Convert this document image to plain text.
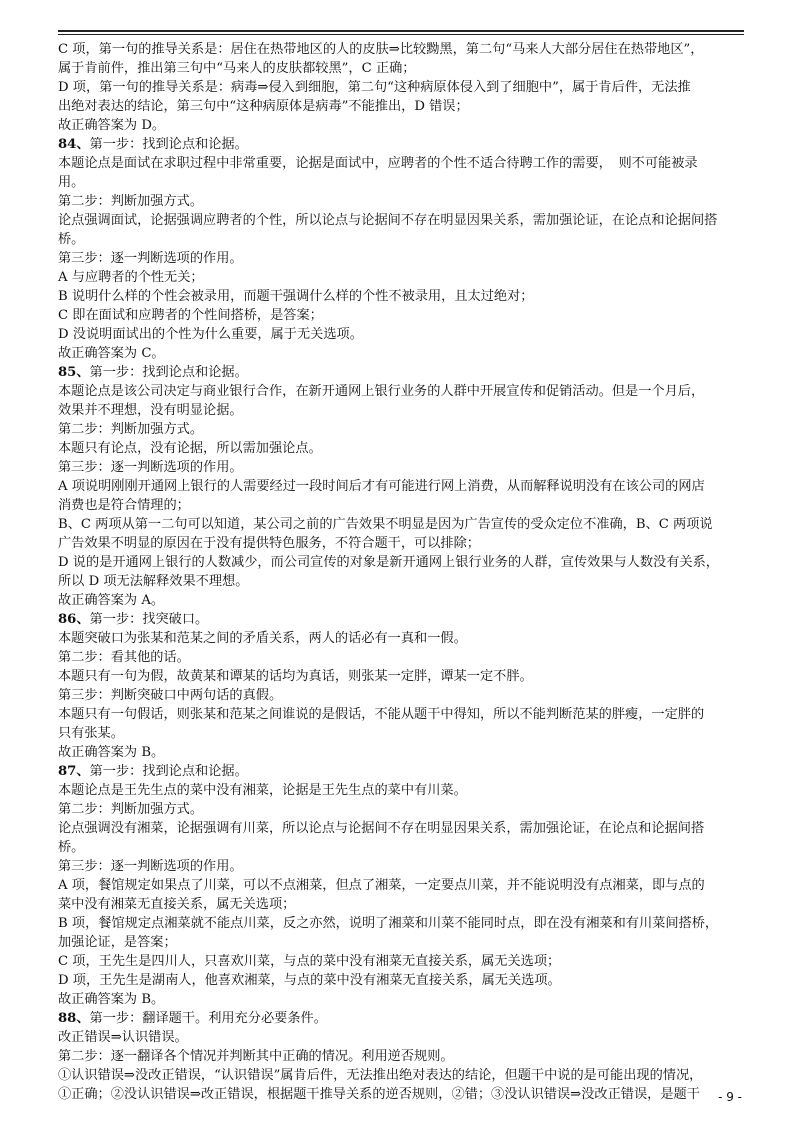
C 项，第一句的推导关系是：居住在热带地区的人的皮肤⇒比较黝黑，第二句“马来人大部分居住在热带地区”，
属于肯前件，推出第三句中“马来人的皮肤都较黑”，C 正确；
D 项，第一句的推导关系是：病毒⇒侵入到细胞，第二句“这种病原体侵入到了细胞中”，属于肯后件，无法推
出绝对表达的结论，第三句中“这种病原体是病毒”不能推出，D 错误；
故正确答案为 D。
84、第一步：找到论点和论据。
本题论点是面试在求职过程中非常重要，论据是面试中，应聘者的个性不适合待聘工作的需要，　则不可能被录
用。
第二步：判断加强方式。
论点强调面试，论据强调应聘者的个性，所以论点与论据间不存在明显因果关系，需加强论证，在论点和论据间搭
桥。
第三步：逐一判断选项的作用。
A 与应聘者的个性无关；
B 说明什么样的个性会被录用，而题干强调什么样的个性不被录用，且太过绝对；
C 即在面试和应聘者的个性间搭桥，是答案；
D 没说明面试出的个性为什么重要，属于无关选项。
故正确答案为 C。
85、第一步：找到论点和论据。
本题论点是该公司决定与商业银行合作，在新开通网上银行业务的人群中开展宣传和促销活动。但是一个月后，
效果并不理想，没有明显论据。
第二步：判断加强方式。
本题只有论点，没有论据，所以需加强论点。
第三步：逐一判断选项的作用。
A 项说明刚刚开通网上银行的人需要经过一段时间后才有可能进行网上消费，从而解释说明没有在该公司的网店
消费也是符合情理的；
B、C 两项从第一二句可以知道，某公司之前的广告效果不明显是因为广告宣传的受众定位不准确，B、C 两项说
广告效果不明显的原因在于没有提供特色服务，不符合题干，可以排除；
D 说的是开通网上银行的人数减少，而公司宣传的对象是新开通网上银行业务的人群，宣传效果与人数没有关系，
所以 D 项无法解释效果不理想。
故正确答案为 A。
86、第一步：找突破口。
本题突破口为张某和范某之间的矛盾关系，两人的话必有一真和一假。
第二步：看其他的话。
本题只有一句为假，故黄某和谭某的话均为真话，则张某一定胖，谭某一定不胖。
第三步：判断突破口中两句话的真假。
本题只有一句假话，则张某和范某之间谁说的是假话，不能从题干中得知，所以不能判断范某的胖瘦，一定胖的
只有张某。
故正确答案为 B。
87、第一步：找到论点和论据。
本题论点是王先生点的菜中没有湘菜，论据是王先生点的菜中有川菜。
第二步：判断加强方式。
论点强调没有湘菜，论据强调有川菜，所以论点与论据间不存在明显因果关系，需加强论证，在论点和论据间搭
桥。
第三步：逐一判断选项的作用。
A 项，餐馆规定如果点了川菜，可以不点湘菜，但点了湘菜，一定要点川菜，并不能说明没有点湘菜，即与点的
菜中没有湘菜无直接关系，属无关选项；
B 项，餐馆规定点湘菜就不能点川菜，反之亦然，说明了湘菜和川菜不能同时点，即在没有湘菜和有川菜间搭桥，
加强论证，是答案；
C 项，王先生是四川人，只喜欢川菜，与点的菜中没有湘菜无直接关系，属无关选项；
D 项，王先生是湖南人，他喜欢湘菜，与点的菜中没有湘菜无直接关系，属无关选项。
故正确答案为 B。
88、第一步：翻译题干。利用充分必要条件。
改正错误⇒认识错误。
第二步：逐一翻译各个情况并判断其中正确的情况。利用逆否规则。
①认识错误⇒没改正错误，“认识错误”属肯后件，无法推出绝对表达的结论，但题干中说的是可能出现的情况，
①正确；②没认识错误⇒改正错误，根据题干推导关系的逆否规则，②错；③没认识错误⇒没改正错误，是题干	- 9 -
